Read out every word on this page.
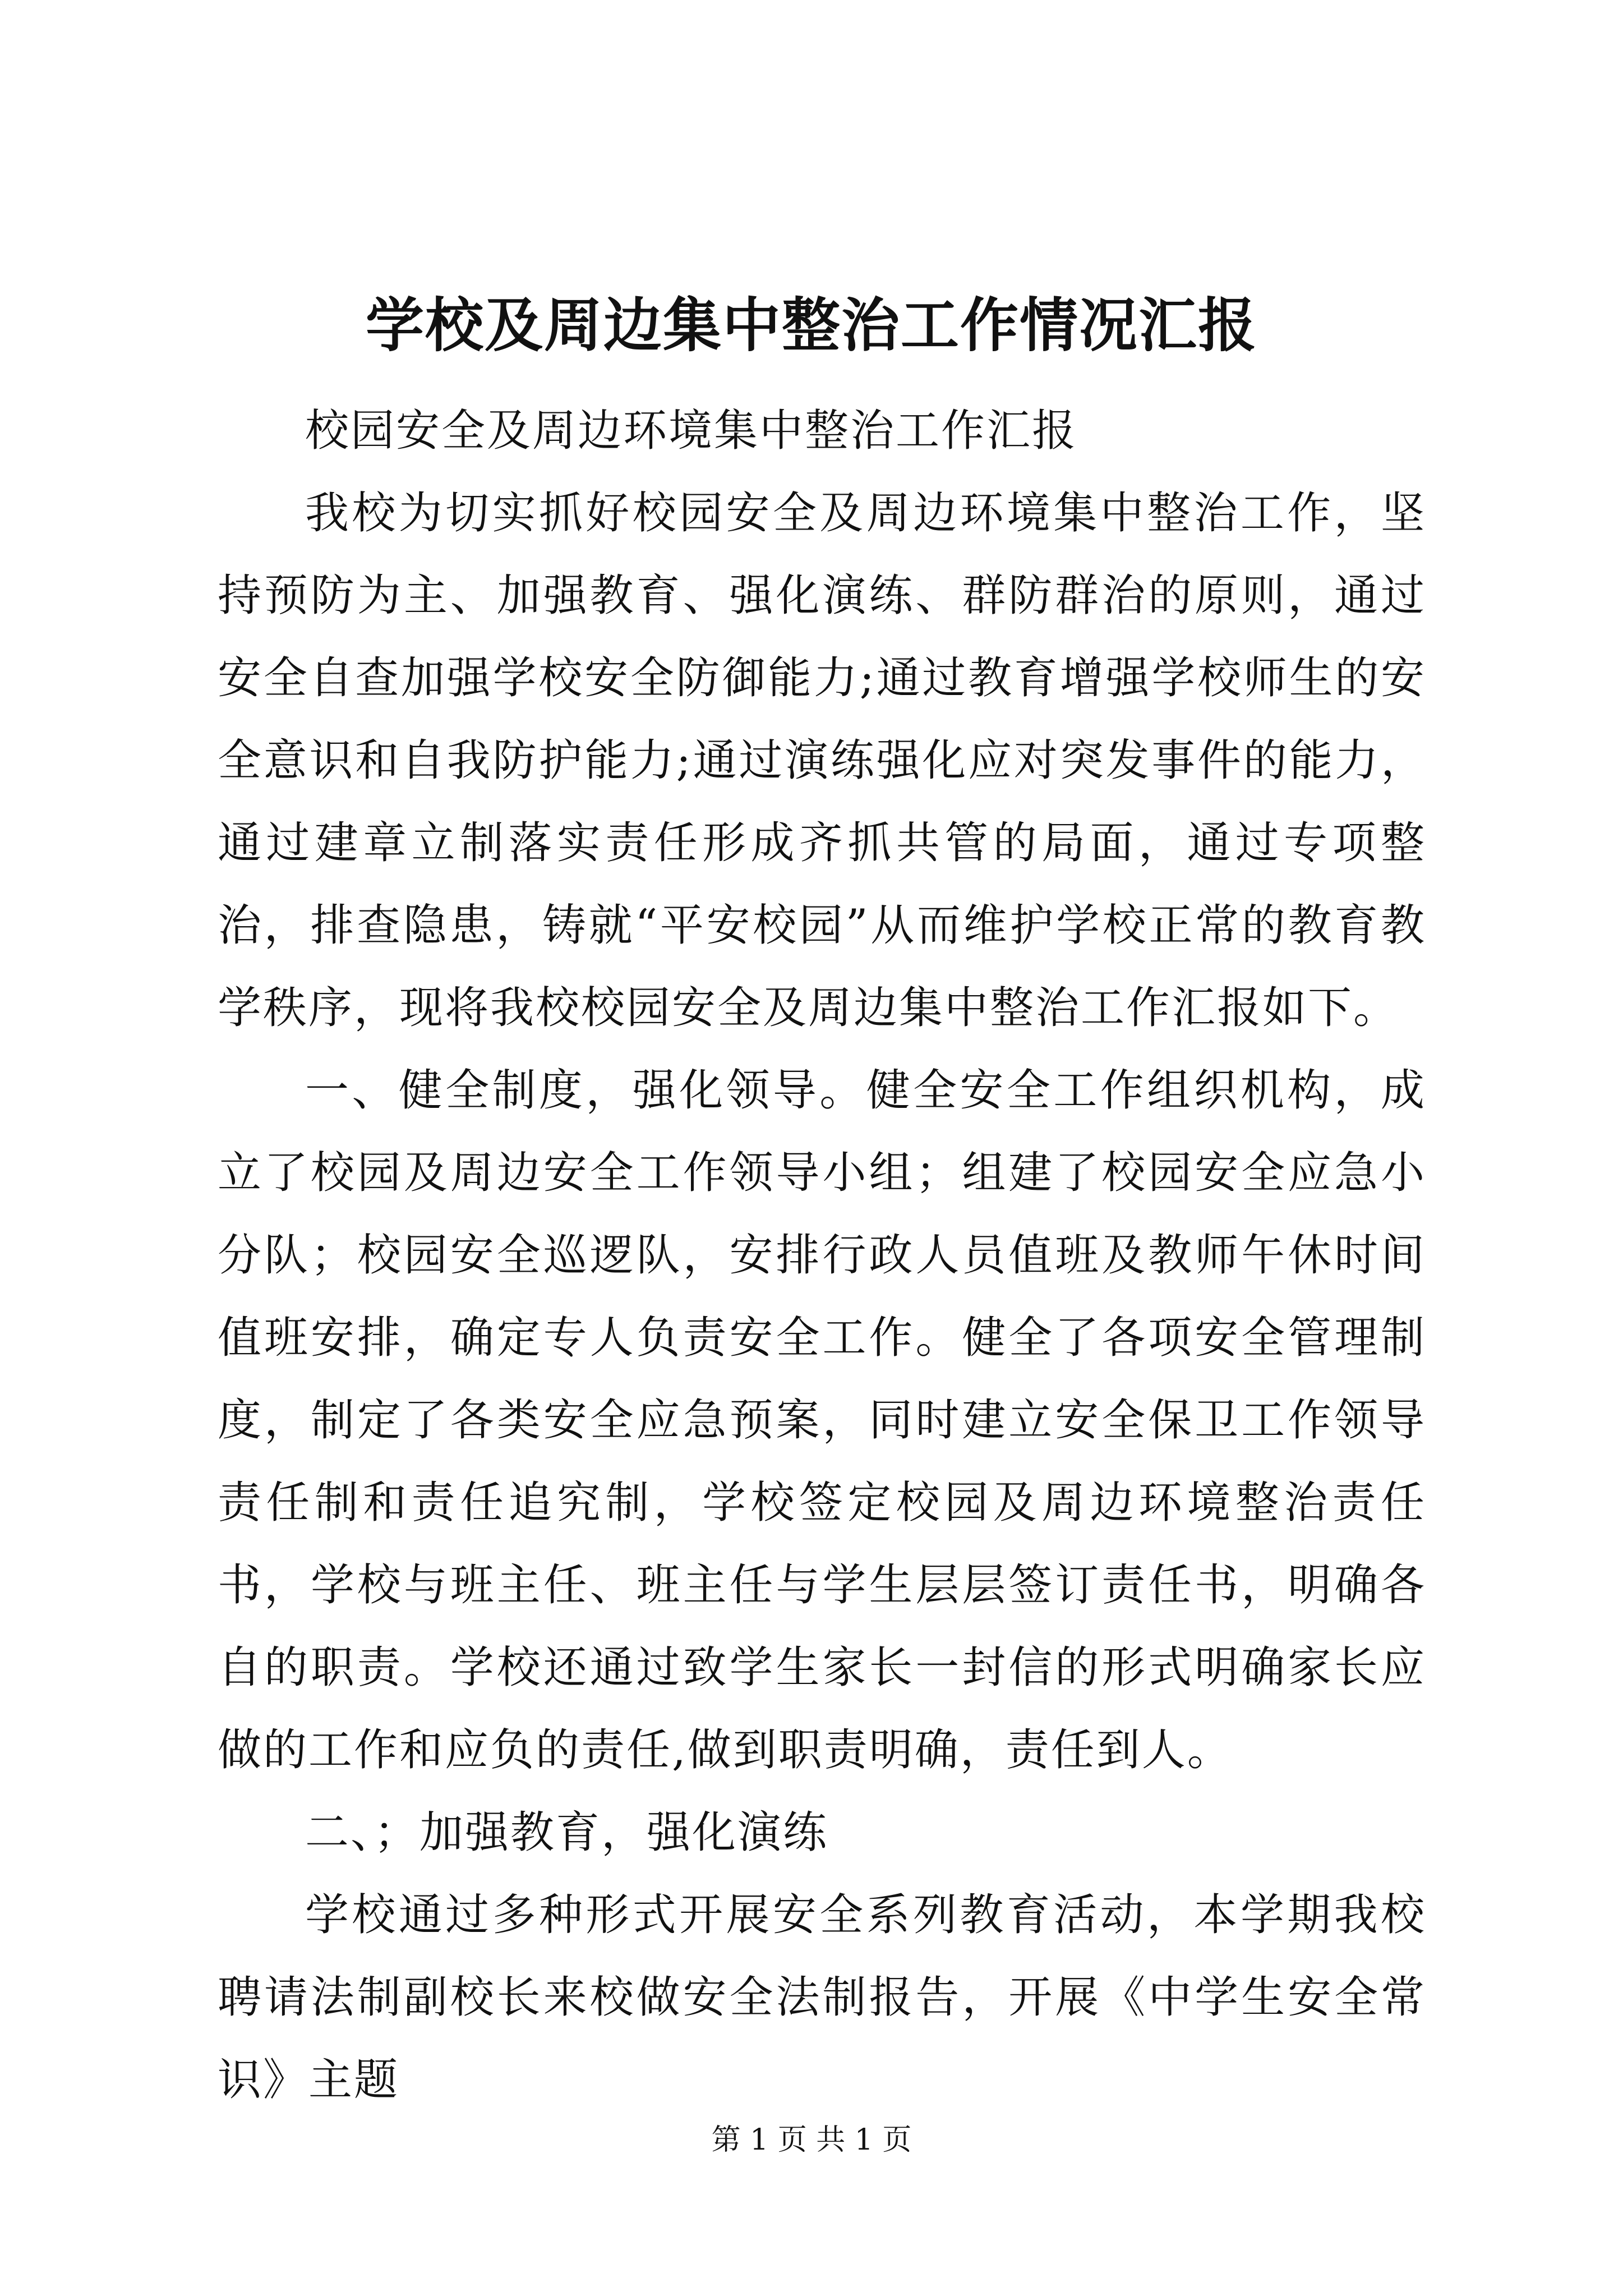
学校及周边集中整治工作情况汇报

校园安全及周边环境集中整治工作汇报

我校为切实抓好校园安全及周边环境集中整治工作，坚持预防为主、加强教育、强化演练、群防群治的原则，通过安全自查加强学校安全防御能力;通过教育增强学校师生的安全意识和自我防护能力;通过演练强化应对突发事件的能力，通过建章立制落实责任形成齐抓共管的局面，通过专项整治，排查隐患，铸就“平安校园”从而维护学校正常的教育教学秩序，现将我校校园安全及周边集中整治工作汇报如下。

一、健全制度，强化领导。健全安全工作组织机构，成立了校园及周边安全工作领导小组；组建了校园安全应急小分队；校园安全巡逻队，安排行政人员值班及教师午休时间值班安排，确定专人负责安全工作。健全了各项安全管理制度，制定了各类安全应急预案，同时建立安全保卫工作领导责任制和责任追究制，学校签定校园及周边环境整治责任书，学校与班主任、班主任与学生层层签订责任书，明确各自的职责。学校还通过致学生家长一封信的形式明确家长应做的工作和应负的责任,做到职责明确，责任到人。

二、；加强教育，强化演练

学校通过多种形式开展安全系列教育活动，本学期我校聘请法制副校长来校做安全法制报告，开展《中学生安全常识》主题

第 1 页 共 1 页
